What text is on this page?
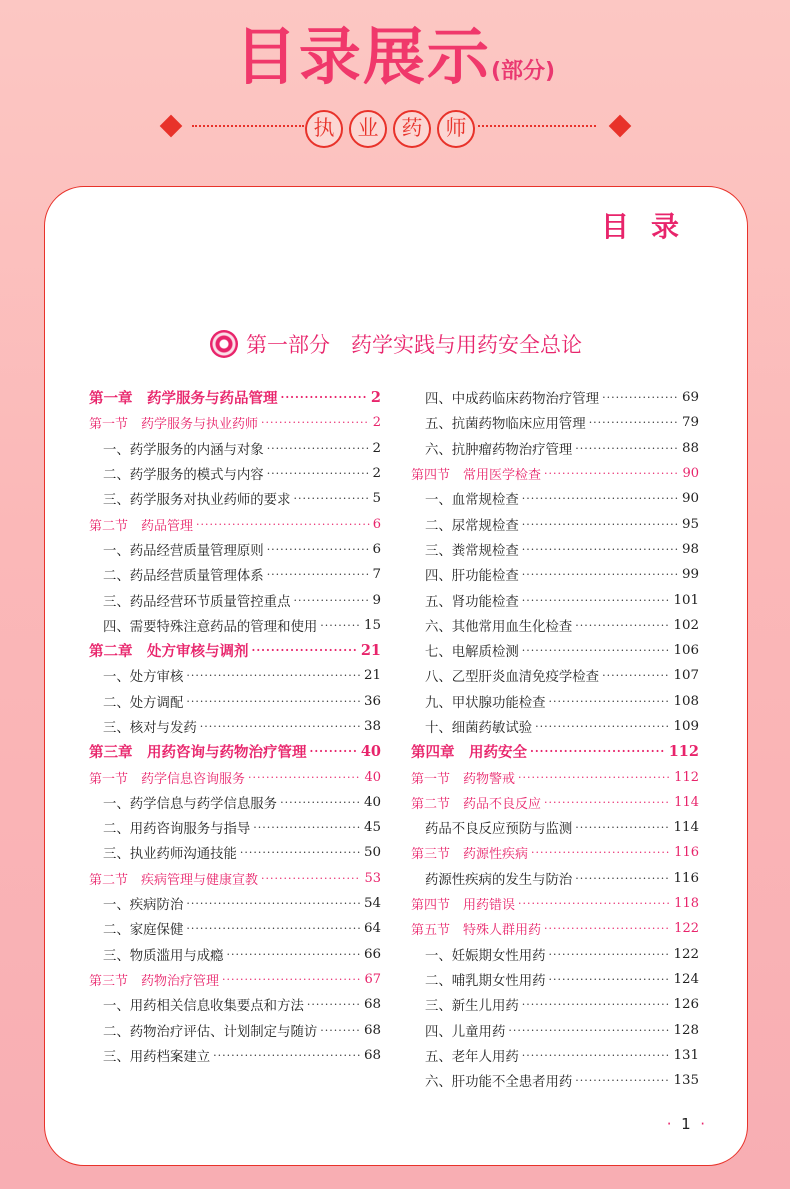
目录展示(部分)
执	业	药	师
目录
第一部分　药学实践与用药安全总论
第一章　药学服务与药品管理 ·····	2
第一节　药学服务与执业药师 ·····	2
一、药学服务的内涵与对象 ·····	2
二、药学服务的模式与内容 ·····	2
三、药学服务对执业药师的要求 ·····	5
第二节　药品管理 ·····	6
一、药品经营质量管理原则 ·····	6
二、药品经营质量管理体系 ·····	7
三、药品经营环节质量管控重点 ·····	9
四、需要特殊注意药品的管理和使用 ·····	15
第二章　处方审核与调剂 ·····	21
一、处方审核 ·····	21
二、处方调配 ·····	36
三、核对与发药 ·····	38
第三章　用药咨询与药物治疗管理 ·····	40
第一节　药学信息咨询服务 ·····	40
一、药学信息与药学信息服务 ·····	40
二、用药咨询服务与指导 ·····	45
三、执业药师沟通技能 ·····	50
第二节　疾病管理与健康宣教 ·····	53
一、疾病防治 ·····	54
二、家庭保健 ·····	64
三、物质滥用与成瘾 ·····	66
第三节　药物治疗管理 ·····	67
一、用药相关信息收集要点和方法 ·····	68
二、药物治疗评估、计划制定与随访 ·····	68
三、用药档案建立 ·····	68
四、中成药临床药物治疗管理 ·····	69
五、抗菌药物临床应用管理 ·····	79
六、抗肿瘤药物治疗管理 ·····	88
第四节　常用医学检查 ·····	90
一、血常规检查 ·····	90
二、尿常规检查 ·····	95
三、粪常规检查 ·····	98
四、肝功能检查 ·····	99
五、肾功能检查 ·····	101
六、其他常用血生化检查 ·····	102
七、电解质检测 ·····	106
八、乙型肝炎血清免疫学检查 ·····	107
九、甲状腺功能检查 ·····	108
十、细菌药敏试验 ·····	109
第四章　用药安全 ·····	112
第一节　药物警戒 ·····	112
第二节　药品不良反应 ·····	114
药品不良反应预防与监测 ·····	114
第三节　药源性疾病 ·····	116
药源性疾病的发生与防治 ·····	116
第四节　用药错误 ·····	118
第五节　特殊人群用药 ·····	122
一、妊娠期女性用药 ·····	122
二、哺乳期女性用药 ·····	124
三、新生儿用药 ·····	126
四、儿童用药 ·····	128
五、老年人用药 ·····	131
六、肝功能不全患者用药 ·····	135
· 1 ·
